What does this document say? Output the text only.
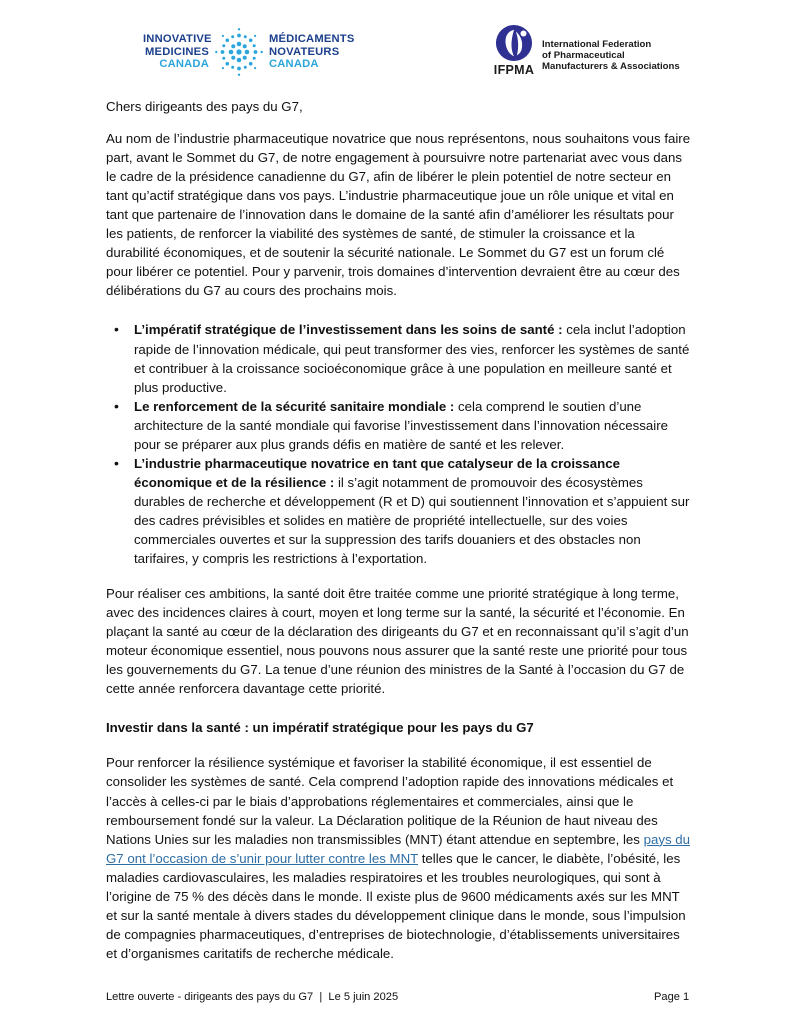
INNOVATIVE
MEDICINES
CANADA
MÉDICAMENTS
NOVATEURS
CANADA	IFPMA
International Federation
of Pharmaceutical
Manufacturers & Associations

Chers dirigeants des pays du G7,

Au nom de l’industrie pharmaceutique novatrice que nous représentons, nous souhaitons vous faire part, avant le Sommet du G7, de notre engagement à poursuivre notre partenariat avec vous dans le cadre de la présidence canadienne du G7, afin de libérer le plein potentiel de notre secteur en tant qu’actif stratégique dans vos pays. L’industrie pharmaceutique joue un rôle unique et vital en tant que partenaire de l’innovation dans le domaine de la santé afin d’améliorer les résultats pour les patients, de renforcer la viabilité des systèmes de santé, de stimuler la croissance et la durabilité économiques, et de soutenir la sécurité nationale. Le Sommet du G7 est un forum clé pour libérer ce potentiel. Pour y parvenir, trois domaines d’intervention devraient être au cœur des délibérations du G7 au cours des prochains mois.

• L’impératif stratégique de l’investissement dans les soins de santé : cela inclut l’adoption rapide de l’innovation médicale, qui peut transformer des vies, renforcer les systèmes de santé et contribuer à la croissance socioéconomique grâce à une population en meilleure santé et plus productive.
• Le renforcement de la sécurité sanitaire mondiale : cela comprend le soutien d’une architecture de la santé mondiale qui favorise l’investissement dans l’innovation nécessaire pour se préparer aux plus grands défis en matière de santé et les relever.
• L’industrie pharmaceutique novatrice en tant que catalyseur de la croissance économique et de la résilience : il s’agit notamment de promouvoir des écosystèmes durables de recherche et développement (R et D) qui soutiennent l’innovation et s’appuient sur des cadres prévisibles et solides en matière de propriété intellectuelle, sur des voies commerciales ouvertes et sur la suppression des tarifs douaniers et des obstacles non tarifaires, y compris les restrictions à l’exportation.

Pour réaliser ces ambitions, la santé doit être traitée comme une priorité stratégique à long terme, avec des incidences claires à court, moyen et long terme sur la santé, la sécurité et l’économie. En plaçant la santé au cœur de la déclaration des dirigeants du G7 et en reconnaissant qu’il s’agit d’un moteur économique essentiel, nous pouvons nous assurer que la santé reste une priorité pour tous les gouvernements du G7. La tenue d’une réunion des ministres de la Santé à l’occasion du G7 de cette année renforcera davantage cette priorité.

Investir dans la santé : un impératif stratégique pour les pays du G7

Pour renforcer la résilience systémique et favoriser la stabilité économique, il est essentiel de consolider les systèmes de santé. Cela comprend l’adoption rapide des innovations médicales et l’accès à celles-ci par le biais d’approbations réglementaires et commerciales, ainsi que le remboursement fondé sur la valeur. La Déclaration politique de la Réunion de haut niveau des Nations Unies sur les maladies non transmissibles (MNT) étant attendue en septembre, les pays du G7 ont l’occasion de s’unir pour lutter contre les MNT telles que le cancer, le diabète, l’obésité, les maladies cardiovasculaires, les maladies respiratoires et les troubles neurologiques, qui sont à l’origine de 75 % des décès dans le monde. Il existe plus de 9600 médicaments axés sur les MNT et sur la santé mentale à divers stades du développement clinique dans le monde, sous l’impulsion de compagnies pharmaceutiques, d’entreprises de biotechnologie, d’établissements universitaires et d’organismes caritatifs de recherche médicale.

Lettre ouverte - dirigeants des pays du G7  |  Le 5 juin 2025	Page 1
